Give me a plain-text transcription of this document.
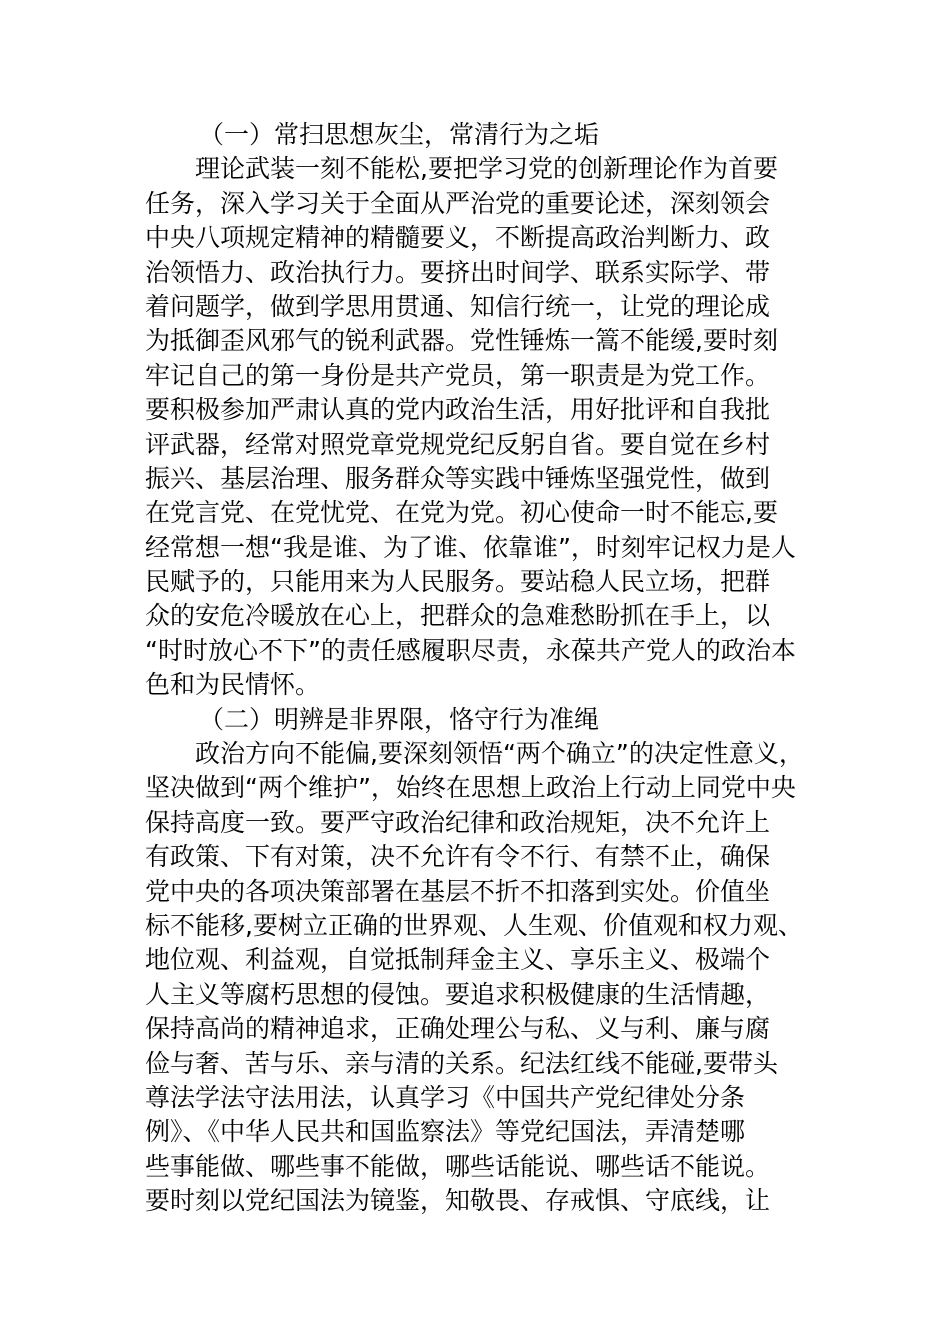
（一）常扫思想灰尘，常清行为之垢
理论武装一刻不能松,要把学习党的创新理论作为首要
任务，深入学习关于全面从严治党的重要论述，深刻领会
中央八项规定精神的精髓要义，不断提高政治判断力、政
治领悟力、政治执行力。要挤出时间学、联系实际学、带
着问题学，做到学思用贯通、知信行统一，让党的理论成
为抵御歪风邪气的锐利武器。党性锤炼一篙不能缓,要时刻
牢记自己的第一身份是共产党员，第一职责是为党工作。
要积极参加严肃认真的党内政治生活，用好批评和自我批
评武器，经常对照党章党规党纪反躬自省。要自觉在乡村
振兴、基层治理、服务群众等实践中锤炼坚强党性，做到
在党言党、在党忧党、在党为党。初心使命一时不能忘,要
经常想一想“我是谁、为了谁、依靠谁”，时刻牢记权力是人
民赋予的，只能用来为人民服务。要站稳人民立场，把群
众的安危冷暖放在心上，把群众的急难愁盼抓在手上，以
“时时放心不下”的责任感履职尽责，永葆共产党人的政治本
色和为民情怀。
（二）明辨是非界限，恪守行为准绳
政治方向不能偏,要深刻领悟“两个确立”的决定性意义，
坚决做到“两个维护”，始终在思想上政治上行动上同党中央
保持高度一致。要严守政治纪律和政治规矩，决不允许上
有政策、下有对策，决不允许有令不行、有禁不止，确保
党中央的各项决策部署在基层不折不扣落到实处。价值坐
标不能移,要树立正确的世界观、人生观、价值观和权力观、
地位观、利益观，自觉抵制拜金主义、享乐主义、极端个
人主义等腐朽思想的侵蚀。要追求积极健康的生活情趣，
保持高尚的精神追求，正确处理公与私、义与利、廉与腐
俭与奢、苦与乐、亲与清的关系。纪法红线不能碰,要带头
尊法学法守法用法，认真学习《中国共产党纪律处分条
例》、《中华人民共和国监察法》等党纪国法，弄清楚哪
些事能做、哪些事不能做，哪些话能说、哪些话不能说。
要时刻以党纪国法为镜鉴，知敬畏、存戒惧、守底线，让
